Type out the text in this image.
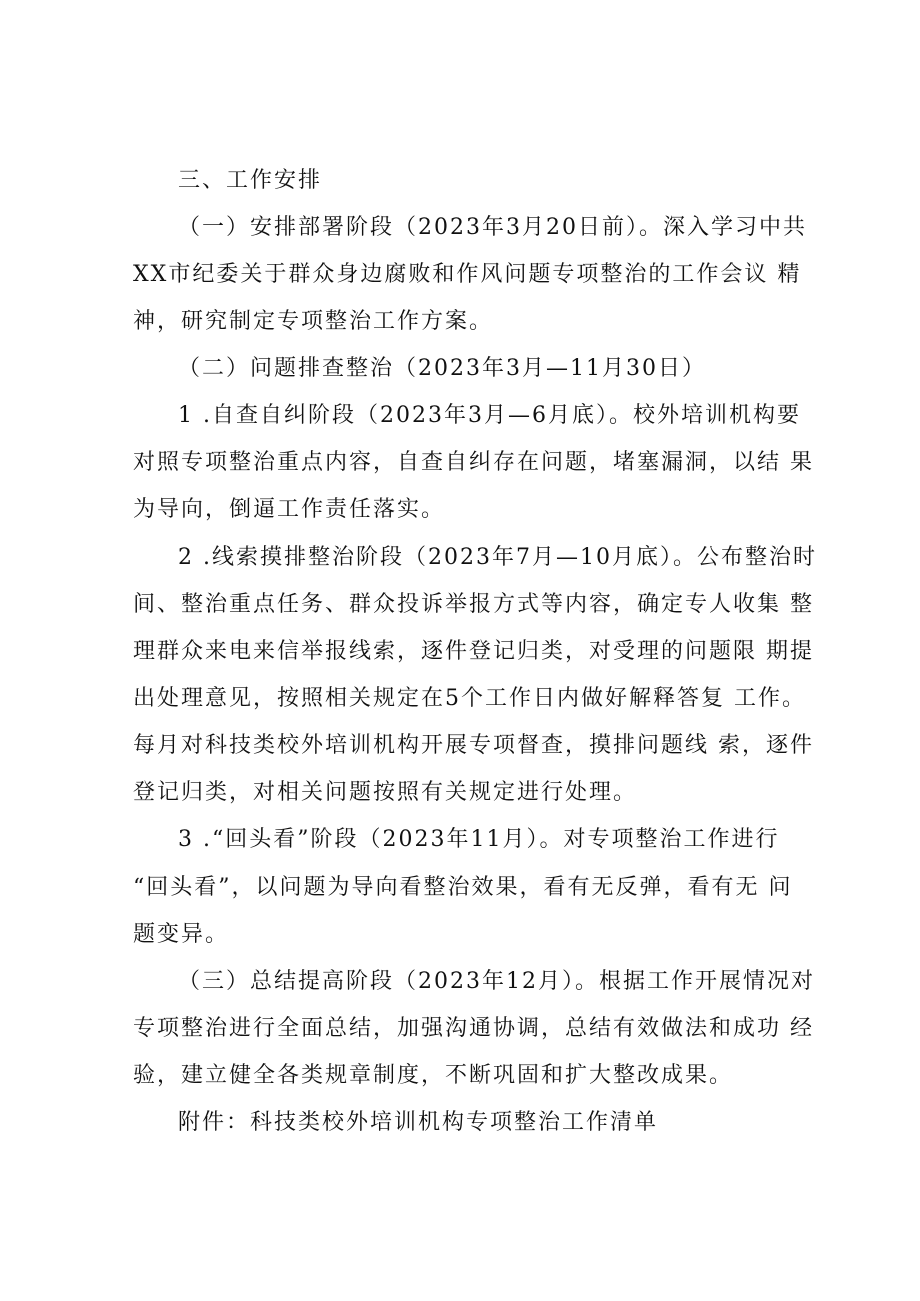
三、工作安排
（一）安排部署阶段（2023年3月20日前）。深入学习中共
XX市纪委关于群众身边腐败和作风问题专项整治的工作会议 精
神，研究制定专项整治工作方案。
（二）问题排查整治（2023年3月—11月30日）
1 .自查自纠阶段（2023年3月—6月底）。校外培训机构要
对照专项整治重点内容，自查自纠存在问题，堵塞漏洞，以结 果
为导向，倒逼工作责任落实。
2 .线索摸排整治阶段（2023年7月—10月底）。公布整治时
间、整治重点任务、群众投诉举报方式等内容，确定专人收集 整
理群众来电来信举报线索，逐件登记归类，对受理的问题限 期提
出处理意见，按照相关规定在5个工作日内做好解释答复 工作。
每月对科技类校外培训机构开展专项督查，摸排问题线 索，逐件
登记归类，对相关问题按照有关规定进行处理。
3 .“回头看”阶段（2023年11月）。对专项整治工作进行
“回头看”，以问题为导向看整治效果，看有无反弹，看有无 问
题变异。
（三）总结提高阶段（2023年12月）。根据工作开展情况对
专项整治进行全面总结，加强沟通协调，总结有效做法和成功 经
验，建立健全各类规章制度，不断巩固和扩大整改成果。
附件：科技类校外培训机构专项整治工作清单
